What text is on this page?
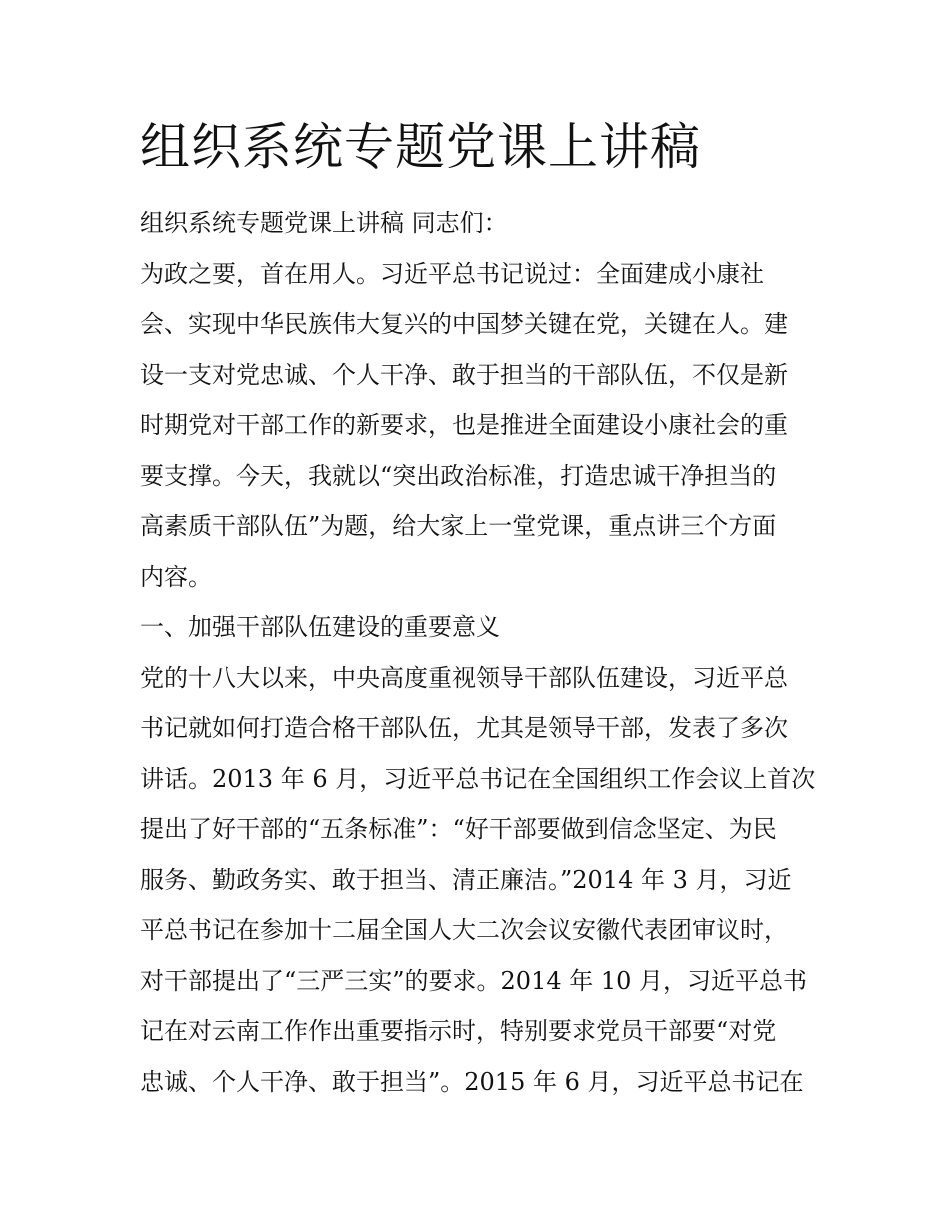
组织系统专题党课上讲稿

组织系统专题党课上讲稿 同志们：

为政之要，首在用人。习近平总书记说过：全面建成小康社
会、实现中华民族伟大复兴的中国梦关键在党，关键在人。建
设一支对党忠诚、个人干净、敢于担当的干部队伍，不仅是新
时期党对干部工作的新要求，也是推进全面建设小康社会的重
要支撑。今天，我就以“突出政治标准，打造忠诚干净担当的
高素质干部队伍”为题，给大家上一堂党课，重点讲三个方面
内容。

一、加强干部队伍建设的重要意义

党的十八大以来，中央高度重视领导干部队伍建设，习近平总
书记就如何打造合格干部队伍，尤其是领导干部，发表了多次
讲话。2013 年 6 月，习近平总书记在全国组织工作会议上首次
提出了好干部的“五条标准”：“好干部要做到信念坚定、为民
服务、勤政务实、敢于担当、清正廉洁。”2014 年 3 月，习近
平总书记在参加十二届全国人大二次会议安徽代表团审议时，
对干部提出了“三严三实”的要求。2014 年 10 月，习近平总书
记在对云南工作作出重要指示时，特别要求党员干部要“对党
忠诚、个人干净、敢于担当”。2015 年 6 月，习近平总书记在
